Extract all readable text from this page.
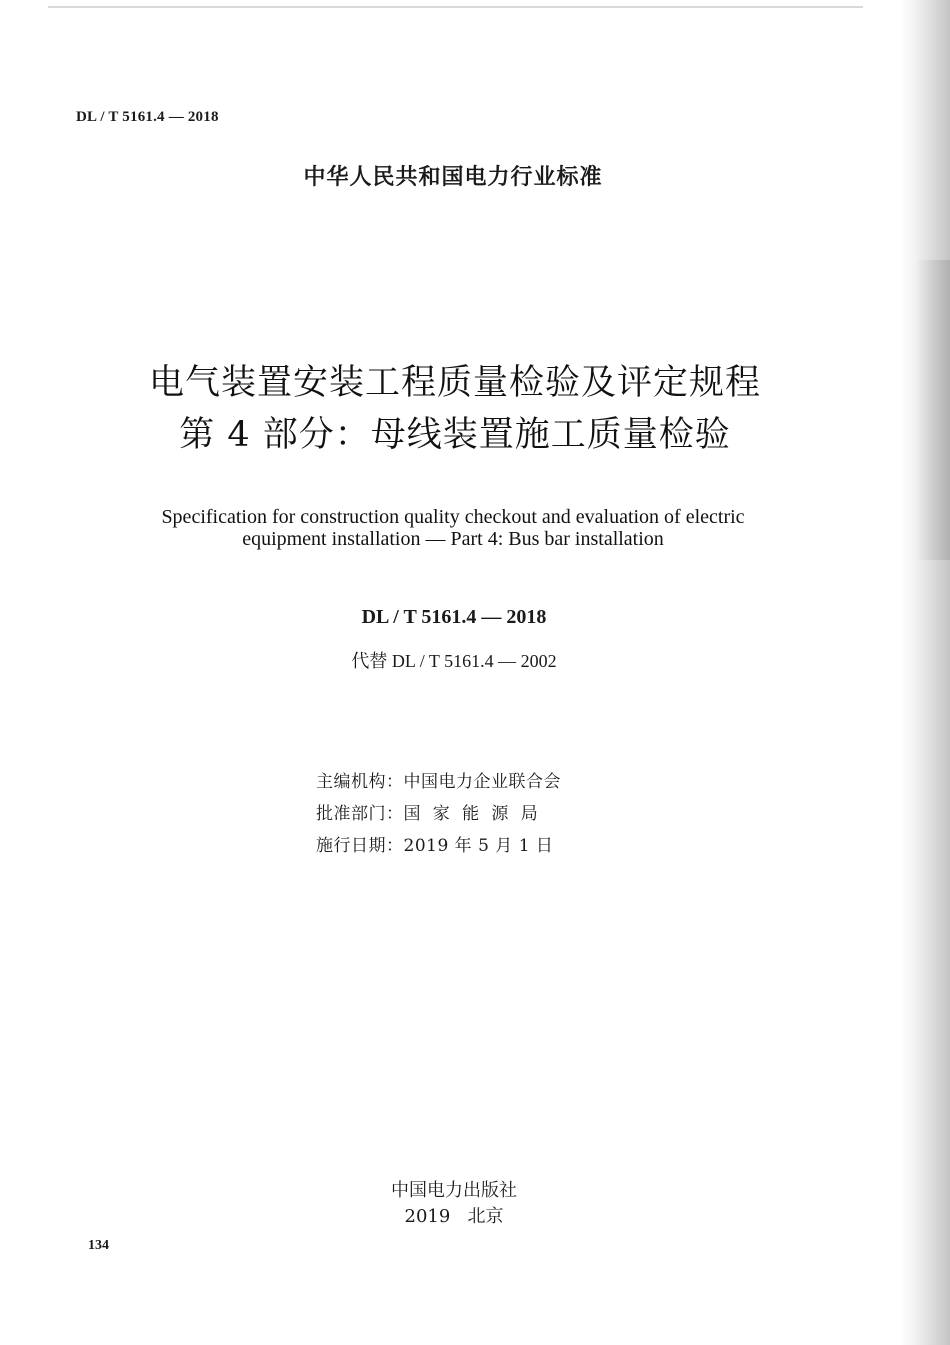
DL / T 5161.4 — 2018
中华人民共和国电力行业标准
电气装置安装工程质量检验及评定规程
第 4 部分：母线装置施工质量检验
Specification for construction quality checkout and evaluation of electric
equipment installation — Part 4: Bus bar installation
DL / T 5161.4 — 2018
代替 DL / T 5161.4 — 2002
主编机构：中国电力企业联合会
批准部门：国  家  能  源  局
施行日期：2019 年 5 月 1 日
中国电力出版社
2019   北京
134
